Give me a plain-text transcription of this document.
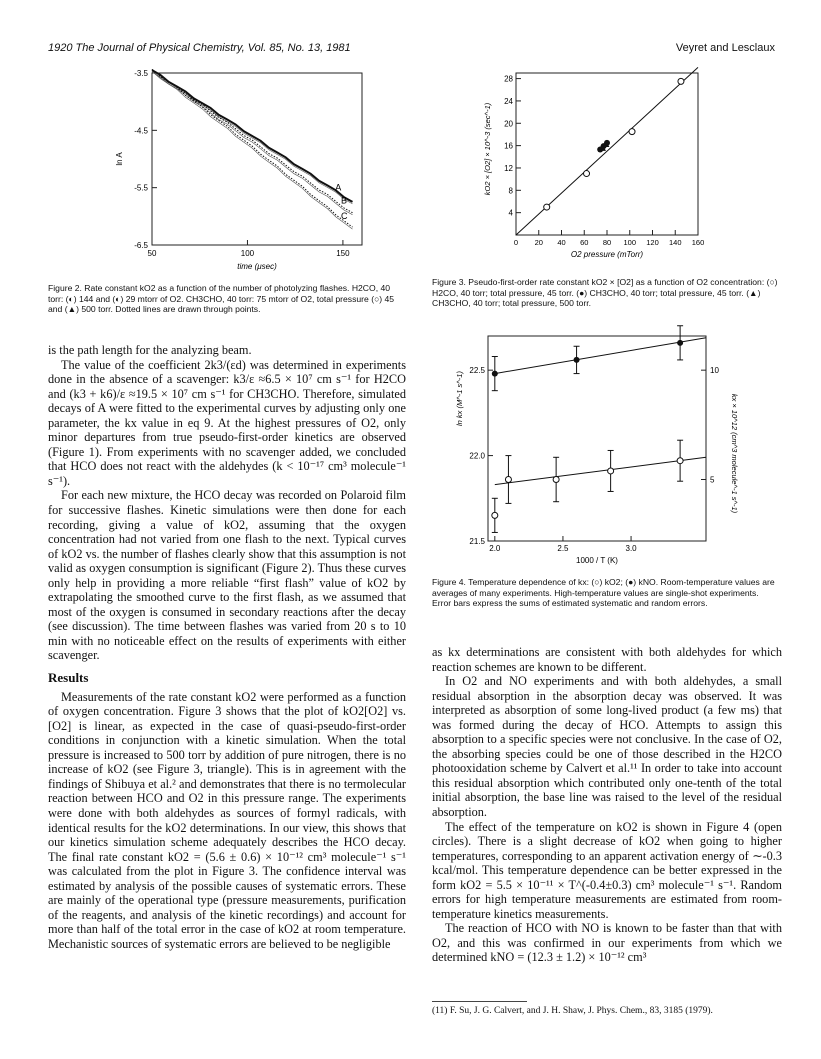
1920 The Journal of Physical Chemistry, Vol. 85, No. 13, 1981	Veyret and Lesclaux
-3.5
-4.5
-5.5
-6.5
50	100	150
time (μsec)
ln A
A
B
C
Figure 2. Rate constant kO2 as a function of the number of photolyzing flashes. H2CO, 40 torr: (◐) 144 and (◐) 29 mtorr of O2. CH3CHO, 40 torr: 75 mtorr of O2, total pressure (○) 45 and (▲) 500 torr. Dotted lines are drawn through points.
4
8
12
16
20
24
28
0 20 40 60 80 100 120 140 160
O2 pressure (mTorr)
kO2 × [O2] × 10^-3 (sec^-1)
Figure 3. Pseudo-first-order rate constant kO2 × [O2] as a function of O2 concentration: (○) H2CO, 40 torr; total pressure, 45 torr. (●) CH3CHO, 40 torr; total pressure, 45 torr. (▲) CH3CHO, 40 torr; total pressure, 500 torr.
21.5
22.0
22.5
2.0	2.5	3.0
5
10
1000 / T (K)
ln kx (M^-1 s^-1)	kx × 10^12 (cm^3 molecule^-1 s^-1)
Figure 4. Temperature dependence of kx: (○) kO2; (●) kNO. Room-temperature values are averages of many experiments. High-temperature values are single-shot experiments. Error bars express the sums of estimated systematic and random errors.

is the path length for the analyzing beam.

The value of the coefficient 2k3/(εd) was determined in experiments done in the absence of a scavenger: k3/ε ≈6.5 × 10⁷ cm s⁻¹ for H2CO and (k3 + k6)/ε ≈19.5 × 10⁷ cm s⁻¹ for CH3CHO. Therefore, simulated decays of A were fitted to the experimental curves by adjusting only one parameter, the kx value in eq 9. At the highest pressures of O2, only minor departures from true pseudo-first-order kinetics are observed (Figure 1). From experiments with no scavenger added, we concluded that HCO does not react with the aldehydes (k < 10⁻¹⁷ cm³ molecule⁻¹ s⁻¹).

For each new mixture, the HCO decay was recorded on Polaroid film for successive flashes. Kinetic simulations were then done for each recording, giving a value of kO2, assuming that the oxygen concentration had not varied from one flash to the next. Typical curves of kO2 vs. the number of flashes clearly show that this assumption is not valid as oxygen consumption is significant (Figure 2). Thus these curves only help in providing a more reliable “first flash” value of kO2 by extrapolating the smoothed curve to the first flash, as we assumed that most of the oxygen is consumed in secondary reactions after the decay (see discussion). The time between flashes was varied from 20 s to 10 min with no noticeable effect on the results of experiments with either scavenger.

Results

Measurements of the rate constant kO2 were performed as a function of oxygen concentration. Figure 3 shows that the plot of kO2[O2] vs. [O2] is linear, as expected in the case of quasi-pseudo-first-order conditions in conjunction with a kinetic simulation. When the total pressure is increased to 500 torr by addition of pure nitrogen, there is no increase of kO2 (see Figure 3, triangle). This is in agreement with the findings of Shibuya et al.² and demonstrates that there is no termolecular reaction between HCO and O2 in this pressure range. The experiments were done with both aldehydes as sources of formyl radicals, with identical results for the kO2 determinations. In our view, this shows that our kinetics simulation scheme adequately describes the HCO decay. The final rate constant kO2 = (5.6 ± 0.6) × 10⁻¹² cm³ molecule⁻¹ s⁻¹ was calculated from the plot in Figure 3. The confidence interval was estimated by analysis of the possible causes of systematic errors. These are mainly of the operational type (pressure measurements, purification of the reagents, and analysis of the kinetic recordings) and account for more than half of the total error in the case of kO2 at room temperature. Mechanistic sources of systematic errors are believed to be negligible

as kx determinations are consistent with both aldehydes for which reaction schemes are known to be different.

In O2 and NO experiments and with both aldehydes, a small residual absorption in the absorption decay was observed. It was interpreted as absorption of some long-lived product (a few ms) that was formed during the decay of HCO. Attempts to assign this absorption to a specific species were not conclusive. In the case of O2, the absorbing species could be one of those described in the H2CO photooxidation scheme by Calvert et al.¹¹ In order to take into account this residual absorption which contributed only one-tenth of the total initial absorption, the base line was raised to the level of the residual absorption.

The effect of the temperature on kO2 is shown in Figure 4 (open circles). There is a slight decrease of kO2 when going to higher temperatures, corresponding to an apparent activation energy of ∼-0.3 kcal/mol. This temperature dependence can be better expressed in the form kO2 = 5.5 × 10⁻¹¹ × T^(-0.4±0.3) cm³ molecule⁻¹ s⁻¹. Random errors for high temperature measurements are estimated from room-temperature kinetics measurements.

The reaction of HCO with NO is known to be faster than that with O2, and this was confirmed in our experiments from which we determined kNO = (12.3 ± 1.2) × 10⁻¹² cm³

(11) F. Su, J. G. Calvert, and J. H. Shaw, J. Phys. Chem., 83, 3185 (1979).
